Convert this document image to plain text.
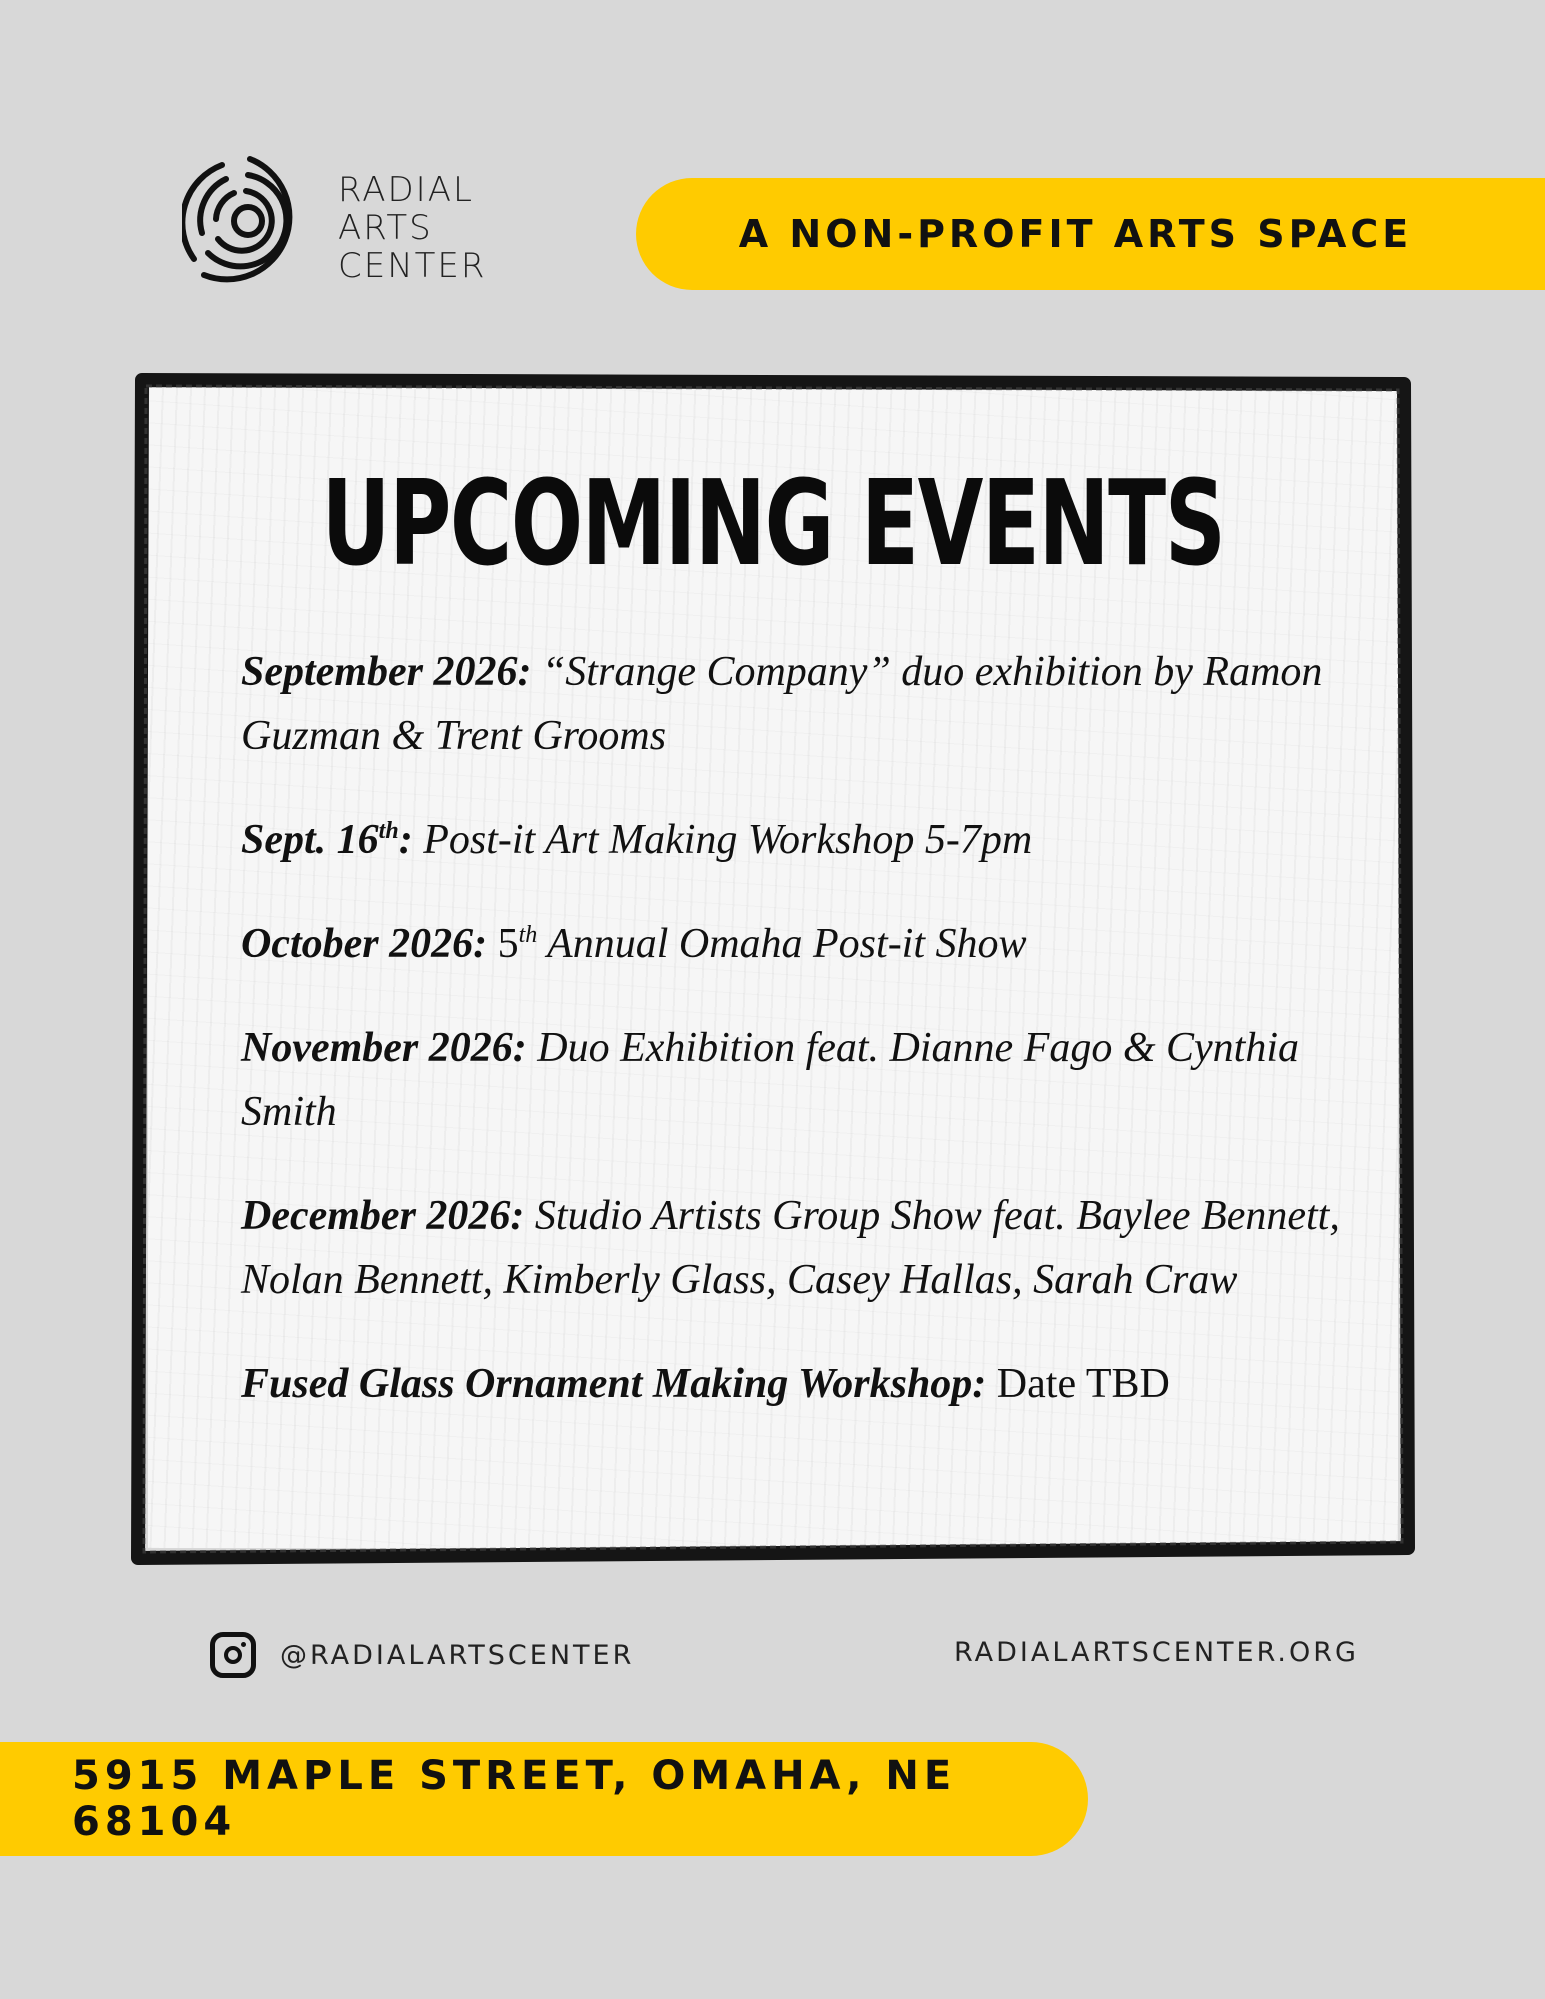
RADIAL
ARTS
CENTER
A NON-PROFIT ARTS SPACE
UPCOMING EVENTS

September 2026: “Strange Company” duo exhibition by Ramon Guzman & Trent Grooms

Sept. 16th: Post-it Art Making Workshop 5-7pm

October 2026: 5th Annual Omaha Post-it Show

November 2026: Duo Exhibition feat. Dianne Fago & Cynthia Smith

December 2026: Studio Artists Group Show feat. Baylee Bennett, Nolan Bennett, Kimberly Glass, Casey Hallas, Sarah Craw

Fused Glass Ornament Making Workshop: Date TBD

@RADIALARTSCENTER	RADIALARTSCENTER.ORG
5915 MAPLE STREET, OMAHA, NE 68104
